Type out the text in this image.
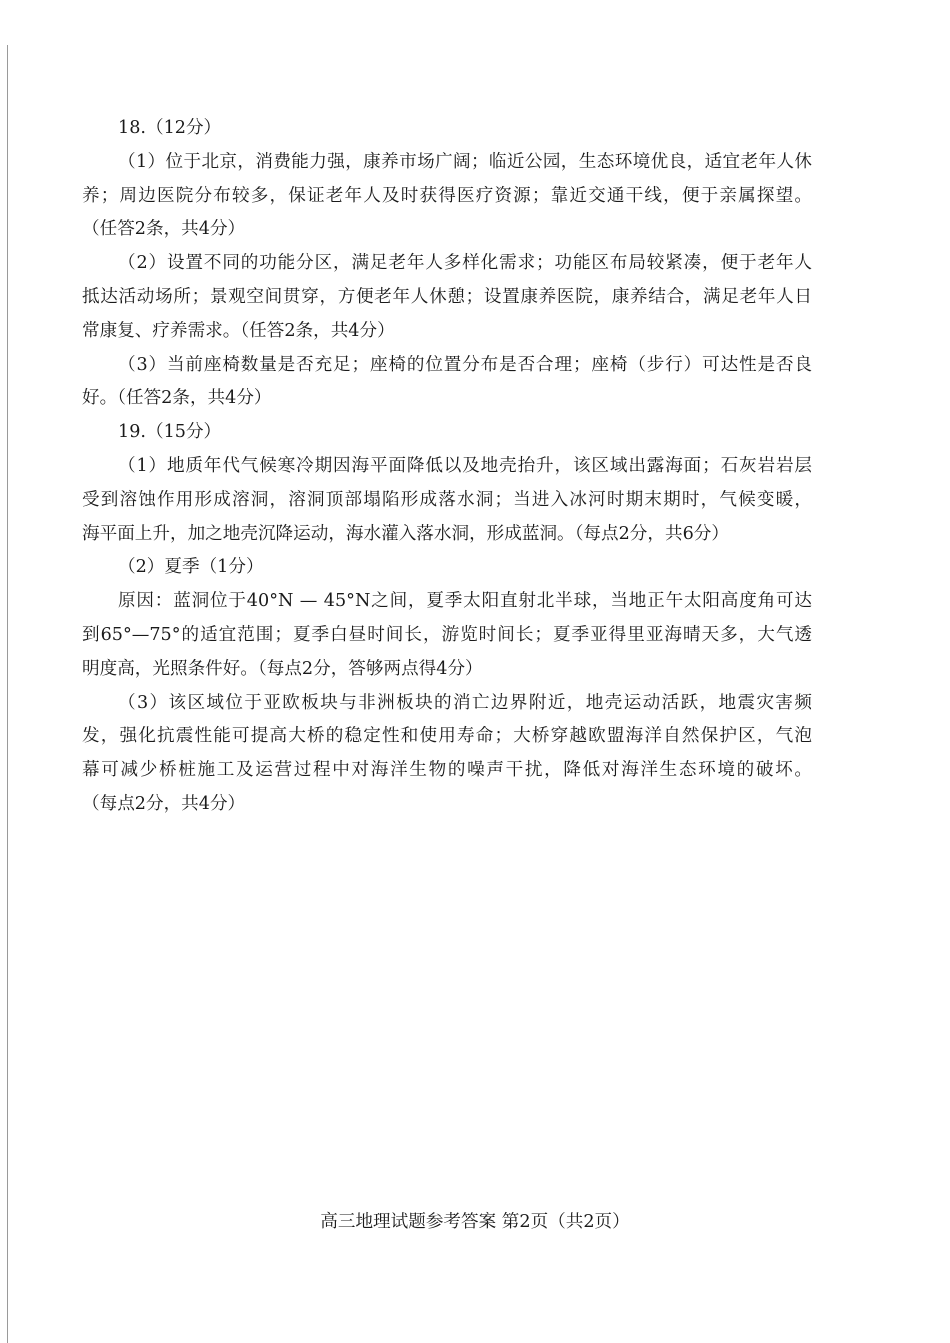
18.（12分）
（1）位于北京，消费能力强，康养市场广阔；临近公园，生态环境优良，适宜老年人休
养；周边医院分布较多，保证老年人及时获得医疗资源；靠近交通干线，便于亲属探望。
（任答2条，共4分）
（2）设置不同的功能分区，满足老年人多样化需求；功能区布局较紧凑，便于老年人
抵达活动场所；景观空间贯穿，方便老年人休憩；设置康养医院，康养结合，满足老年人日
常康复、疗养需求。（任答2条，共4分）
（3）当前座椅数量是否充足；座椅的位置分布是否合理；座椅（步行）可达性是否良
好。（任答2条，共4分）
19.（15分）
（1）地质年代气候寒冷期因海平面降低以及地壳抬升，该区域出露海面；石灰岩岩层
受到溶蚀作用形成溶洞，溶洞顶部塌陷形成落水洞；当进入冰河时期末期时，气候变暖，
海平面上升，加之地壳沉降运动，海水灌入落水洞，形成蓝洞。（每点2分，共6分）
（2）夏季（1分）
原因：蓝洞位于40°N — 45°N之间，夏季太阳直射北半球，当地正午太阳高度角可达
到65°—75°的适宜范围；夏季白昼时间长，游览时间长；夏季亚得里亚海晴天多，大气透
明度高，光照条件好。（每点2分，答够两点得4分）
（3）该区域位于亚欧板块与非洲板块的消亡边界附近，地壳运动活跃，地震灾害频
发，强化抗震性能可提高大桥的稳定性和使用寿命；大桥穿越欧盟海洋自然保护区，气泡
幕可减少桥桩施工及运营过程中对海洋生物的噪声干扰，降低对海洋生态环境的破坏。
（每点2分，共4分）
高三地理试题参考答案 第2页（共2页）
